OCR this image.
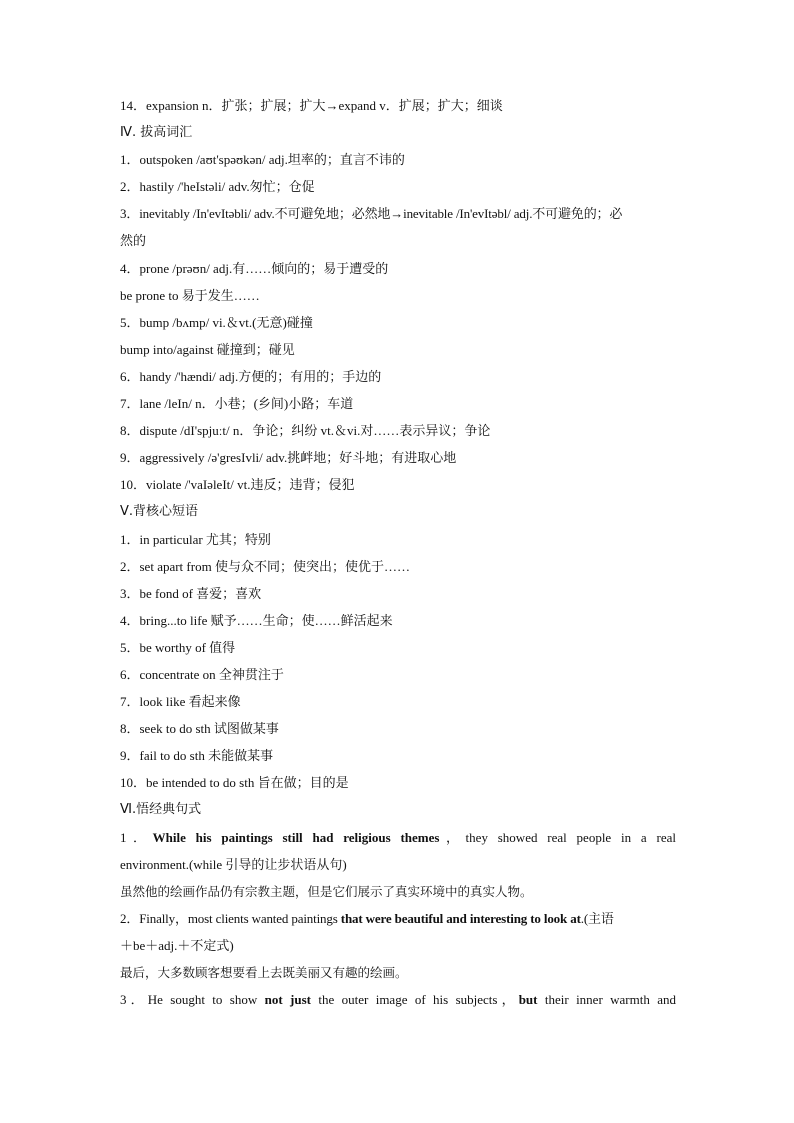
14．expansion n．扩张；扩展；扩大→expand v．扩展；扩大；细谈
Ⅳ. 拔高词汇
1．outspoken /aʊt'spəʊkən/ adj.坦率的；直言不讳的
2．hastily /'heIstəli/ adv.匆忙；仓促
3．inevitably /In'evItəbli/ adv.不可避免地；必然地→inevitable /In'evItəbl/ adj.不可避免的；必
然的
4．prone /prəʊn/ adj.有……倾向的；易于遭受的
be prone to 易于发生……
5．bump /bʌmp/ vi.＆vt.(无意)碰撞
bump into/against 碰撞到；碰见
6．handy /'hændi/ adj.方便的；有用的；手边的
7．lane /leIn/ n．小巷；(乡间)小路；车道
8．dispute /dI'spjuːt/ n．争论；纠纷 vt.＆vi.对……表示异议；争论
9．aggressively /ə'gresIvli/ adv.挑衅地；好斗地；有进取心地
10．violate /'vaIəleIt/ vt.违反；违背；侵犯
Ⅴ.背核心短语
1．in particular 尤其；特别
2．set apart from 使与众不同；使突出；使优于……
3．be fond of 喜爱；喜欢
4．bring...to life 赋予……生命；使……鲜活起来
5．be worthy of 值得
6．concentrate on 全神贯注于
7．look like 看起来像
8．seek to do sth 试图做某事
9．fail to do sth 未能做某事
10．be intended to do sth 旨在做；目的是
Ⅵ.悟经典句式
1．While his paintings still had religious themes，they showed real people in a real
environment.(while 引导的让步状语从句)
虽然他的绘画作品仍有宗教主题，但是它们展示了真实环境中的真实人物。
2．Finally，most clients wanted paintings that were beautiful and interesting to look at.(主语
＋be＋adj.＋不定式)
最后，大多数顾客想要看上去既美丽又有趣的绘画。
3．He sought to show not just the outer image of his subjects，but their inner warmth and
